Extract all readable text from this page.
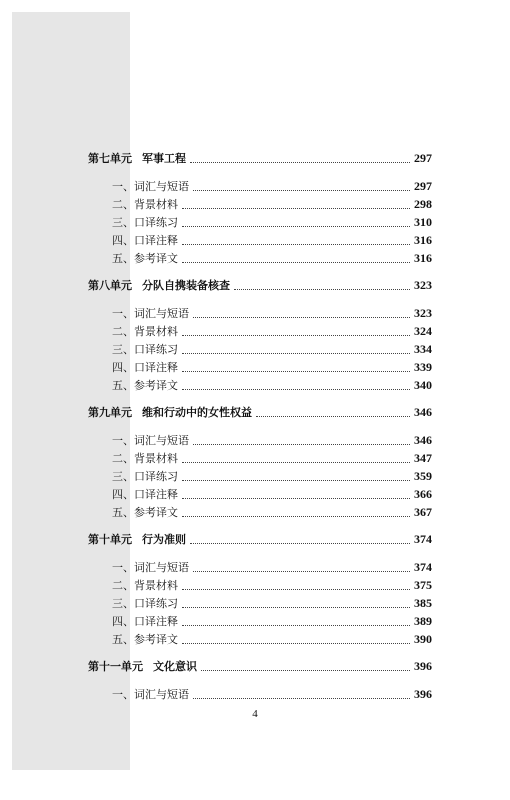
第七单元 军事工程	297
一、词汇与短语	297
二、背景材料	298
三、口译练习	310
四、口译注释	316
五、参考译文	316
第八单元 分队自携装备核查	323
一、词汇与短语	323
二、背景材料	324
三、口译练习	334
四、口译注释	339
五、参考译文	340
第九单元 维和行动中的女性权益	346
一、词汇与短语	346
二、背景材料	347
三、口译练习	359
四、口译注释	366
五、参考译文	367
第十单元 行为准则	374
一、词汇与短语	374
二、背景材料	375
三、口译练习	385
四、口译注释	389
五、参考译文	390
第十一单元 文化意识	396
一、词汇与短语	396
4
